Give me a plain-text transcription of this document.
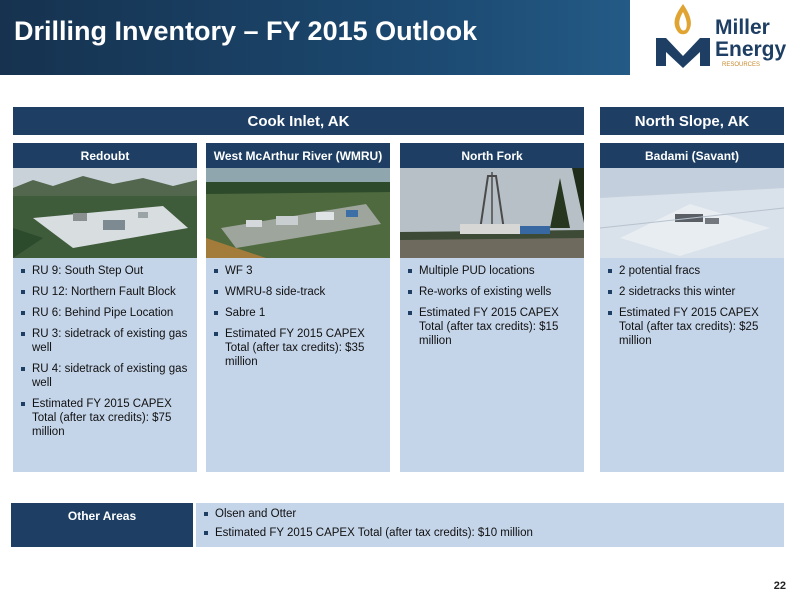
Drilling Inventory – FY 2015 Outlook	Miller
Energy
RESOURCES
Cook Inlet, AK	North Slope, AK
Redoubt
RU 9: South Step Out
RU 12: Northern Fault Block
RU 6: Behind Pipe Location
RU 3: sidetrack of existing gas well
RU 4: sidetrack of existing gas well
Estimated FY 2015 CAPEX Total (after tax credits): $75 million
West McArthur River (WMRU)
WF 3
WMRU-8 side-track
Sabre 1
Estimated FY 2015 CAPEX Total (after tax credits): $35 million
North Fork
Multiple PUD locations
Re-works of existing wells
Estimated FY 2015 CAPEX Total (after tax credits): $15 million
Badami (Savant)
2 potential fracs
2 sidetracks this winter
Estimated FY 2015 CAPEX Total (after tax credits): $25 million
Other Areas	Olsen and Otter
Estimated FY 2015 CAPEX Total (after tax credits): $10 million
22
